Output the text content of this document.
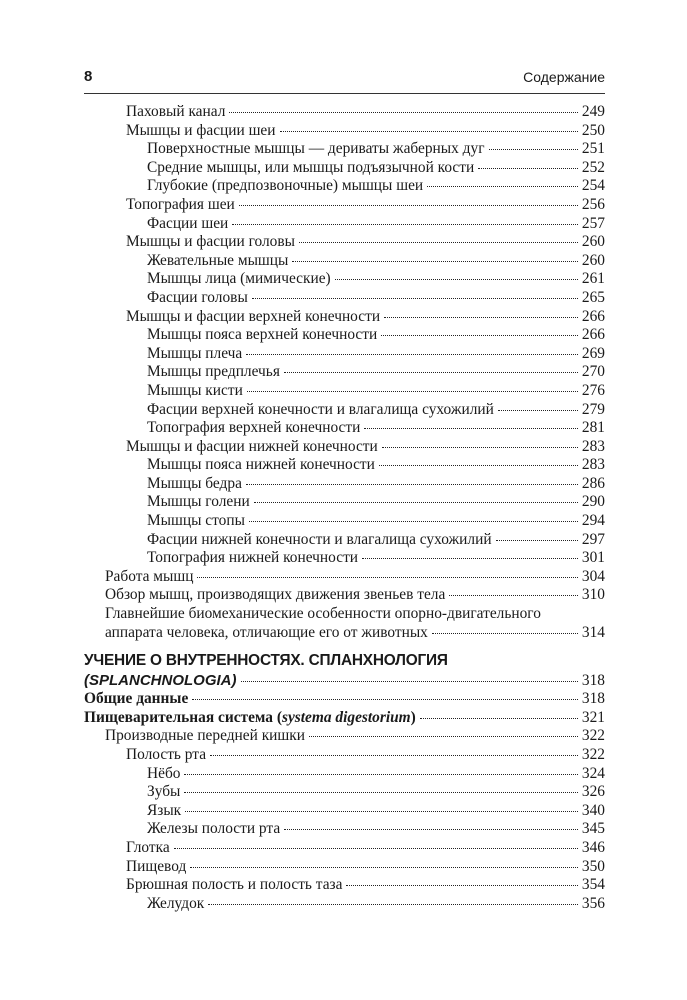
8	Содержание
Паховый канал	249
Мышцы и фасции шеи	250
Поверхностные мышцы — дериваты жаберных дуг	251
Средние мышцы, или мышцы подъязычной кости	252
Глубокие (предпозвоночные) мышцы шеи	254
Топография шеи	256
Фасции шеи	257
Мышцы и фасции головы	260
Жевательные мышцы	260
Мышцы лица (мимические)	261
Фасции головы	265
Мышцы и фасции верхней конечности	266
Мышцы пояса верхней конечности	266
Мышцы плеча	269
Мышцы предплечья	270
Мышцы кисти	276
Фасции верхней конечности и влагалища сухожилий	279
Топография верхней конечности	281
Мышцы и фасции нижней конечности	283
Мышцы пояса нижней конечности	283
Мышцы бедра	286
Мышцы голени	290
Мышцы стопы	294
Фасции нижней конечности и влагалища сухожилий	297
Топография нижней конечности	301
Работа мышц	304
Обзор мышц, производящих движения звеньев тела	310
Главнейшие биомеханические особенности опорно-двигательного
аппарата человека, отличающие его от животных	314
УЧЕНИЕ О ВНУТРЕННОСТЯХ. СПЛАНХНОЛОГИЯ
(SPLANCHNOLOGIA)	318
Общие данные	318
Пищеварительная система (systema digestorium)	321
Производные передней кишки	322
Полость рта	322
Нёбо	324
Зубы	326
Язык	340
Железы полости рта	345
Глотка	346
Пищевод	350
Брюшная полость и полость таза	354
Желудок	356
